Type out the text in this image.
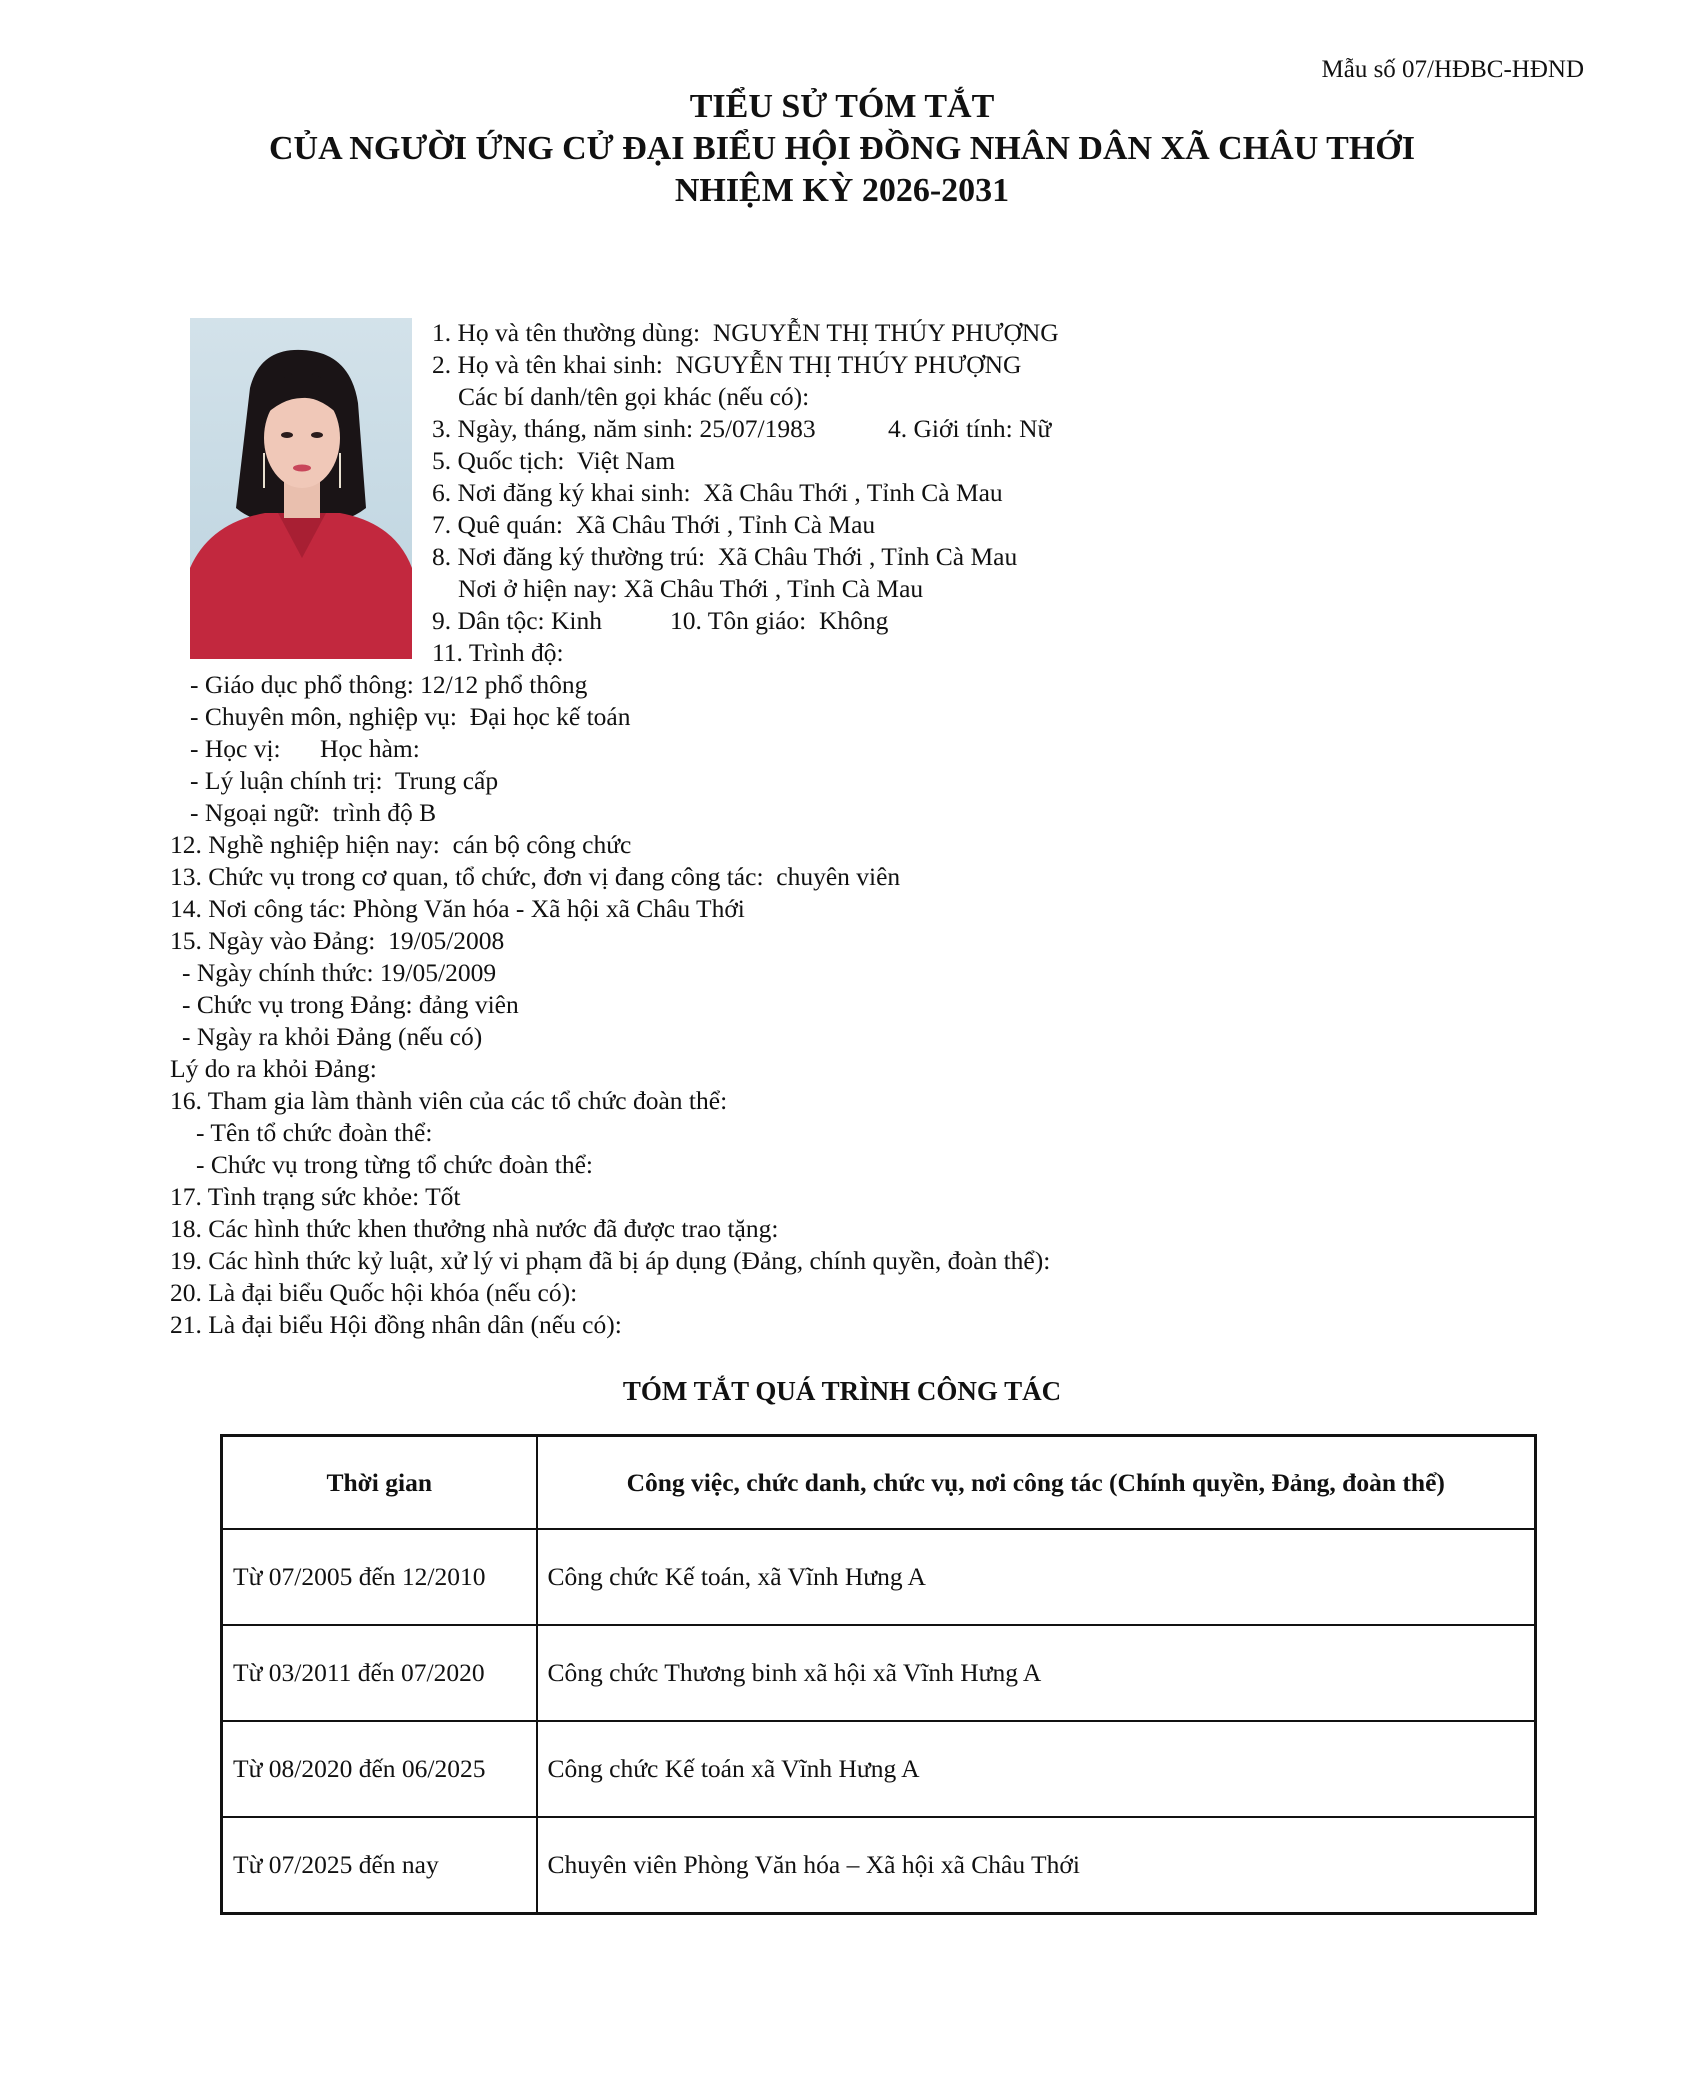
Mẫu số 07/HĐBC-HĐND
TIỂU SỬ TÓM TẮT
CỦA NGƯỜI ỨNG CỬ ĐẠI BIỂU HỘI ĐỒNG NHÂN DÂN XÃ CHÂU THỚI
NHIỆM KỲ 2026-2031
1. Họ và tên thường dùng:  NGUYỄN THỊ THÚY PHƯỢNG
2. Họ và tên khai sinh:  NGUYỄN THỊ THÚY PHƯỢNG
Các bí danh/tên gọi khác (nếu có):
3. Ngày, tháng, năm sinh: 25/07/1983	4. Giới tính: Nữ
5. Quốc tịch:  Việt Nam
6. Nơi đăng ký khai sinh:  Xã Châu Thới , Tỉnh Cà Mau
7. Quê quán:  Xã Châu Thới , Tỉnh Cà Mau
8. Nơi đăng ký thường trú:  Xã Châu Thới , Tỉnh Cà Mau
Nơi ở hiện nay: Xã Châu Thới , Tỉnh Cà Mau
9. Dân tộc: Kinh	10. Tôn giáo:  Không
11. Trình độ:
- Giáo dục phổ thông: 12/12 phổ thông
- Chuyên môn, nghiệp vụ:  Đại học kế toán
- Học vị: Học hàm:
- Lý luận chính trị:  Trung cấp
- Ngoại ngữ:  trình độ B
12. Nghề nghiệp hiện nay:  cán bộ công chức
13. Chức vụ trong cơ quan, tổ chức, đơn vị đang công tác:  chuyên viên
14. Nơi công tác: Phòng Văn hóa - Xã hội xã Châu Thới
15. Ngày vào Đảng:  19/05/2008
- Ngày chính thức: 19/05/2009
- Chức vụ trong Đảng: đảng viên
- Ngày ra khỏi Đảng (nếu có)
Lý do ra khỏi Đảng:
16. Tham gia làm thành viên của các tổ chức đoàn thể:
- Tên tổ chức đoàn thể:
- Chức vụ trong từng tổ chức đoàn thể:
17. Tình trạng sức khỏe: Tốt
18. Các hình thức khen thưởng nhà nước đã được trao tặng:
19. Các hình thức kỷ luật, xử lý vi phạm đã bị áp dụng (Đảng, chính quyền, đoàn thể):
20. Là đại biểu Quốc hội khóa (nếu có):
21. Là đại biểu Hội đồng nhân dân (nếu có):
TÓM TẮT QUÁ TRÌNH CÔNG TÁC
Thời gian	Công việc, chức danh, chức vụ, nơi công tác (Chính quyền, Đảng, đoàn thể)
Từ 07/2005 đến 12/2010	Công chức Kế toán, xã Vĩnh Hưng A
Từ 03/2011 đến 07/2020	Công chức Thương binh xã hội xã Vĩnh Hưng A
Từ 08/2020 đến 06/2025	Công chức Kế toán xã Vĩnh Hưng A
Từ 07/2025 đến nay	Chuyên viên Phòng Văn hóa – Xã hội xã Châu Thới
